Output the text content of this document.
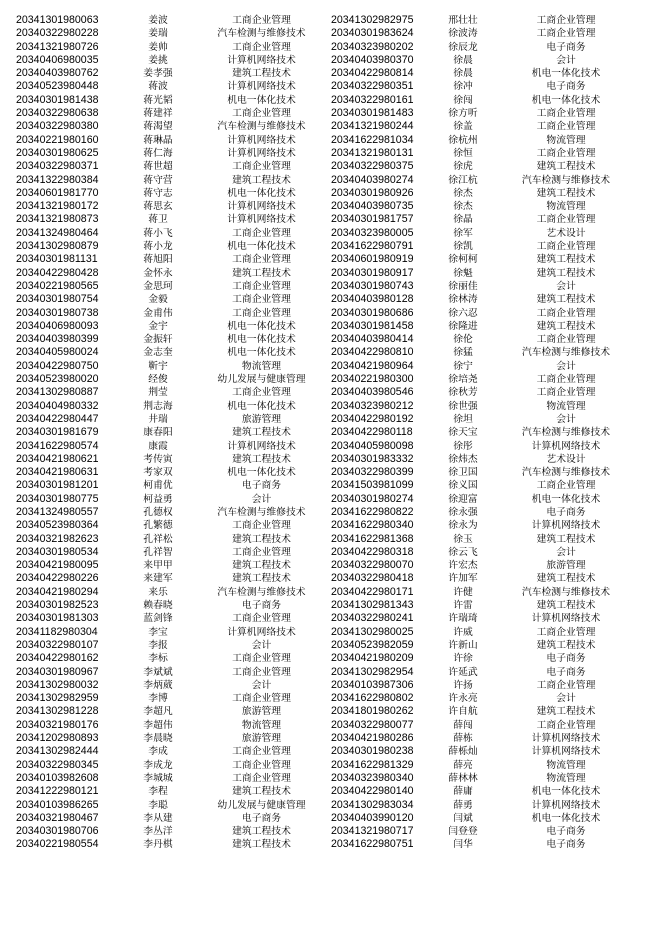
20341301980063	姜波	工商企业管理
20340322980228	姜瑞	汽车检测与维修技术
20341321980726	姜帅	工商企业管理
20340406980035	姜挑	计算机网络技术
20340403980762	姜孝强	建筑工程技术
20340523980448	蒋波	计算机网络技术
20340301981438	蒋光韬	机电一体化技术
20340322980638	蒋建祥	工商企业管理
20340322980380	蒋渴望	汽车检测与维修技术
20340221980160	蒋琳晶	计算机网络技术
20340301980625	蒋仁海	计算机网络技术
20340322980371	蒋世超	工商企业管理
20341322980384	蒋守营	建筑工程技术
20340601981770	蒋守志	机电一体化技术
20341321980172	蒋思玄	计算机网络技术
20341321980873	蒋卫	计算机网络技术
20341324980464	蒋小飞	工商企业管理
20341302980879	蒋小龙	机电一体化技术
20340301981131	蒋旭阳	工商企业管理
20340422980428	金怀永	建筑工程技术
20340221980565	金思珂	工商企业管理
20340301980754	金毅	工商企业管理
20340301980738	金甫伟	工商企业管理
20340406980093	金宇	机电一体化技术
20340403980399	金振轩	机电一体化技术
20340405980024	金志奎	机电一体化技术
20340422980750	靳宇	物流管理
20340523980020	经俊	幼儿发展与健康管理
20341302980887	荆莹	工商企业管理
20340404980332	荆志海	机电一体化技术
20340422980447	井瑞	旅游管理
20340301981679	康春阳	建筑工程技术
20341622980574	康霞	计算机网络技术
20340421980621	考传寅	建筑工程技术
20340421980631	考家双	机电一体化技术
20340301981201	柯甫优	电子商务
20340301980775	柯益勇	会计
20341324980557	孔德权	汽车检测与维修技术
20340523980364	孔繁德	工商企业管理
20340321982623	孔祥松	建筑工程技术
20340301980534	孔祥智	工商企业管理
20340421980095	来甲甲	建筑工程技术
20340422980226	来建军	建筑工程技术
20340421980294	来乐	汽车检测与维修技术
20340301982523	赖春晓	电子商务
20340301981303	蓝剑锋	工商企业管理
20341182980304	李宝	计算机网络技术
20340322980107	李报	会计
20340422980162	李标	工商企业管理
20340301980967	李斌斌	工商企业管理
20341302980032	李炳葳	会计
20341302982959	李博	工商企业管理
20341302981228	李超凡	旅游管理
20340321980176	李超伟	物流管理
20341202980893	李晨晓	旅游管理
20341302982444	李成	工商企业管理
20340322980345	李成龙	工商企业管理
20340103982608	李城城	工商企业管理
20341222980121	李程	建筑工程技术
20340103986265	李聪	幼儿发展与健康管理
20340321980467	李从建	电子商务
20340301980706	李丛洋	建筑工程技术
20340221980554	李丹棋	建筑工程技术
20341302982975	邢壮壮	工商企业管理
20340301983624	徐波涛	工商企业管理
20340323980202	徐辰龙	电子商务
20340403980370	徐晨	会计
20340422980814	徐晨	机电一体化技术
20340322980351	徐冲	电子商务
20340322980161	徐闯	机电一体化技术
20340301981483	徐方听	工商企业管理
20341321980244	徐盖	工商企业管理
20341622981034	徐杭州	物流管理
20341321980131	徐恒	工商企业管理
20340322980375	徐虎	建筑工程技术
20340403980274	徐江杭	汽车检测与维修技术
20340301980926	徐杰	建筑工程技术
20340403980735	徐杰	物流管理
20340301981757	徐晶	工商企业管理
20340323980005	徐军	艺术设计
20341622980791	徐凯	工商企业管理
20340601980919	徐柯柯	建筑工程技术
20340301980917	徐魁	建筑工程技术
20340301980743	徐丽佳	会计
20340403980128	徐林涛	建筑工程技术
20340301980686	徐六忍	工商企业管理
20340301981458	徐隆进	建筑工程技术
20340403980414	徐伦	工商企业管理
20340422980810	徐猛	汽车检测与维修技术
20340421980964	徐宁	会计
20340221980300	徐培尧	工商企业管理
20340403980546	徐秋芳	工商企业管理
20340323980212	徐世强	物流管理
20340422980192	徐坦	会计
20340422980118	徐天宝	汽车检测与维修技术
20340405980098	徐彤	计算机网络技术
20340301983332	徐炜杰	艺术设计
20340322980399	徐卫国	汽车检测与维修技术
20341503981099	徐义国	工商企业管理
20340301980274	徐迎富	机电一体化技术
20341622980822	徐永强	电子商务
20341622980340	徐永为	计算机网络技术
20341622981368	徐玉	建筑工程技术
20340422980318	徐云飞	会计
20340322980070	许宏杰	旅游管理
20340322980418	许加军	建筑工程技术
20340422980171	许健	汽车检测与维修技术
20341302981343	许雷	建筑工程技术
20340322980241	许瑞琦	计算机网络技术
20341302980025	许威	工商企业管理
20340523982059	许新山	建筑工程技术
20340421980209	许徐	电子商务
20341302982954	许延武	电子商务
20340103987306	许扬	工商企业管理
20341622980802	许永亮	会计
20341801980262	许自航	建筑工程技术
20340322980077	薛闯	工商企业管理
20340421980286	薛栋	计算机网络技术
20340301980238	薛栎灿	计算机网络技术
20341622981329	薛亮	物流管理
20340323980340	薛林林	物流管理
20340422980140	薛庸	机电一体化技术
20341302983034	薛勇	计算机网络技术
20340403990120	闫斌	机电一体化技术
20341321980717	闫登登	电子商务
20341622980751	闫华	电子商务
